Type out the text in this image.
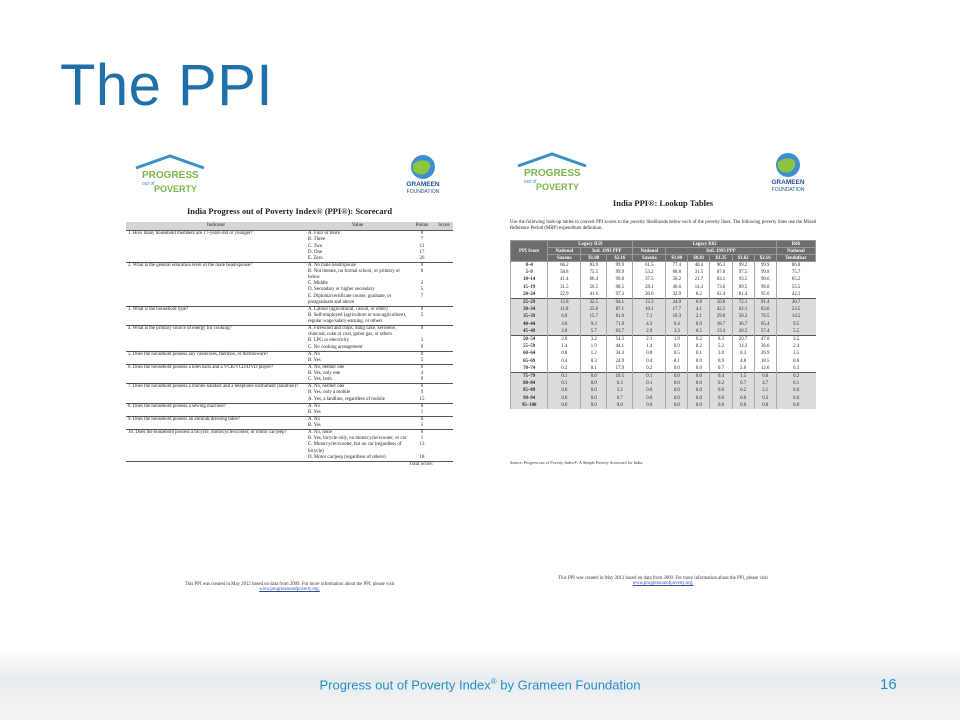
The PPI
PROGRESS
out of POVERTY	GRAMEEN
FOUNDATION
India Progress out of Poverty Index® (PPI®): Scorecard
Indicator	Value	Points	Score
1. How many household members are 17-years-old or younger?	A. Four or more	0	
	B. Three	7	
	C. Two	11	
	D. One	17	
	E. Zero	26	
2. What is the general education level of the male head/spouse?	A. No male head/spouse	0	
	B. Not literate, no formal school, or primary or below	0	
	C. Middle	3	
	D. Secondary or higher secondary	5	
	E. Diploma/certificate course, graduate, or postgraduate and above	7	
3. What is the household type?	A. Labour (agricultural, casual, or other)	0	
	B. Self-employed (agriculture or non-agriculture), regular wage/salary-earning, or others	5	
4. What is the primary source of energy for cooking?	A. Firewood and chips, dung cake, kerosene, charcoal, coke or coal, gobar gas, or others	0	
	B. LPG or electricity	3	
	C. No cooking arrangement	9	
5. Does the household possess any casseroles, thermos, or thermoware?	A. No	0	
	B. Yes	5	
6. Does the household possess a television and a VCR/VCD/DVD player?	A. No, neither one	0	
	B. Yes, only one	4	
	C. Yes, both	9	
7. Does the household possess a mobile handset and a telephone instrument (landline)?	A. No, neither one	0	
	B. Yes, only a mobile	9	
	A. Yes, a landline, regardless of mobile	15	
8. Does the household possess a sewing machine?	A. No	0	
	B. Yes	1	
9. Does the household possess an almirah/dressing table?	A. No	0	
	B. Yes	5	
10. Does the household possess a bicycle, motorcycle/scooter, or motor car/jeep?	A. No, none	0	
	B. Yes, bicycle only, no motorcycle/scooter, or car	1	
	C. Motorcycle/scooter, but no car (regardless of bicycle)	13	
	D. Motor car/jeep (regardless of others)	18	
Total Score:			
This PPI was created in May 2012 based on data from 2009. For more information about the PPI, please visit
www.progressoutofpoverty.org.
PROGRESS
out of POVERTY	GRAMEEN
FOUNDATION
India PPI®: Lookup Tables
Use the following look-up tables to convert PPI scores to the poverty likelihoods below each of the poverty lines. The following poverty lines use the Mixed Reference Period (MRP) expenditure definition.
PPI Score	Legacy R59			Legacy R62						R66
	National	Intl. 1993 PPP		National	Intl. 1993 PPP					National
	Saxena	$1.08	$2.16	Saxena	$1.08	$0.81	$1.35	$1.62	$2.16	Tendulkar
0–4	66.2	83.9	99.9	61.5	77.4	40.4	96.3	99.2	99.9	86.8
5–9	58.8	75.5	99.9	53.2	68.8	31.5	87.0	97.5	99.8	75.7
10–14	41.4	66.4	99.0	37.5	56.2	21.7	83.1	93.5	98.6	65.2
15–19	31.5	56.5	98.5	28.1	46.6	14.3	73.6	89.5	98.0	55.5
20–24	22.9	41.6	97.3	20.6	32.9	8.2	62.4	81.4	95.6	42.1
25–29	15.8	32.5	94.1	13.3	24.9	6.8	50.6	72.1	91.4	30.7
30–34	11.8	25.0	87.1	10.1	17.7	4.1	42.2	62.1	83.6	23.5
35–39	6.9	15.7	81.0	7.1	10.3	2.1	29.0	50.3	76.5	14.5
40–44	4.6	9.3	71.9	4.3	6.4	0.9	18.7	36.7	65.4	9.5
45–49	2.8	5.7	63.7	2.9	3.3	0.5	13.3	28.5	57.4	5.5
50–54	2.0	3.2	54.3	2.1	1.9	0.2	8.3	20.7	47.0	3.5
55–59	1.4	1.9	44.1	1.4	0.9	0.2	5.2	14.2	36.6	2.4
60–64	0.8	1.2	34.3	0.8	0.5	0.1	3.0	8.3	26.9	1.5
65–69	0.4	0.3	24.9	0.4	0.1	0.0	0.9	4.8	18.5	0.6
70–74	0.2	0.1	17.9	0.2	0.0	0.0	0.7	2.6	12.6	0.3
75–79	0.1	0.0	10.5	0.1	0.0	0.0	0.4	1.5	6.6	0.2
80–84	0.1	0.0	6.3	0.1	0.0	0.0	0.2	0.7	4.7	0.1
85–89	0.0	0.0	3.2	0.0	0.0	0.0	0.0	0.2	2.1	0.0
90–94	0.0	0.0	0.7	0.0	0.0	0.0	0.0	0.0	0.3	0.0
95–100	0.0	0.0	0.0	0.0	0.0	0.0	0.0	0.0	0.0	0.0
Source: Progress out of Poverty Index®: A Simple Poverty Scorecard for India.
This PPI was created in May 2012 based on data from 2009. For more information about the PPI, please visit
www.progressoutofpoverty.org.
Progress out of Poverty Index® by Grameen Foundation	16
